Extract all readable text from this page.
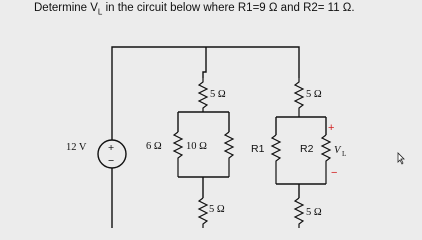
Determine $V_L$ in the circuit below where R1=9 Ω and R2= 11 Ω.
+
−
12 V
5 Ω
6 Ω 10 Ω
5 Ω
5 Ω
R1	R2
+
V L
−
5 Ω
